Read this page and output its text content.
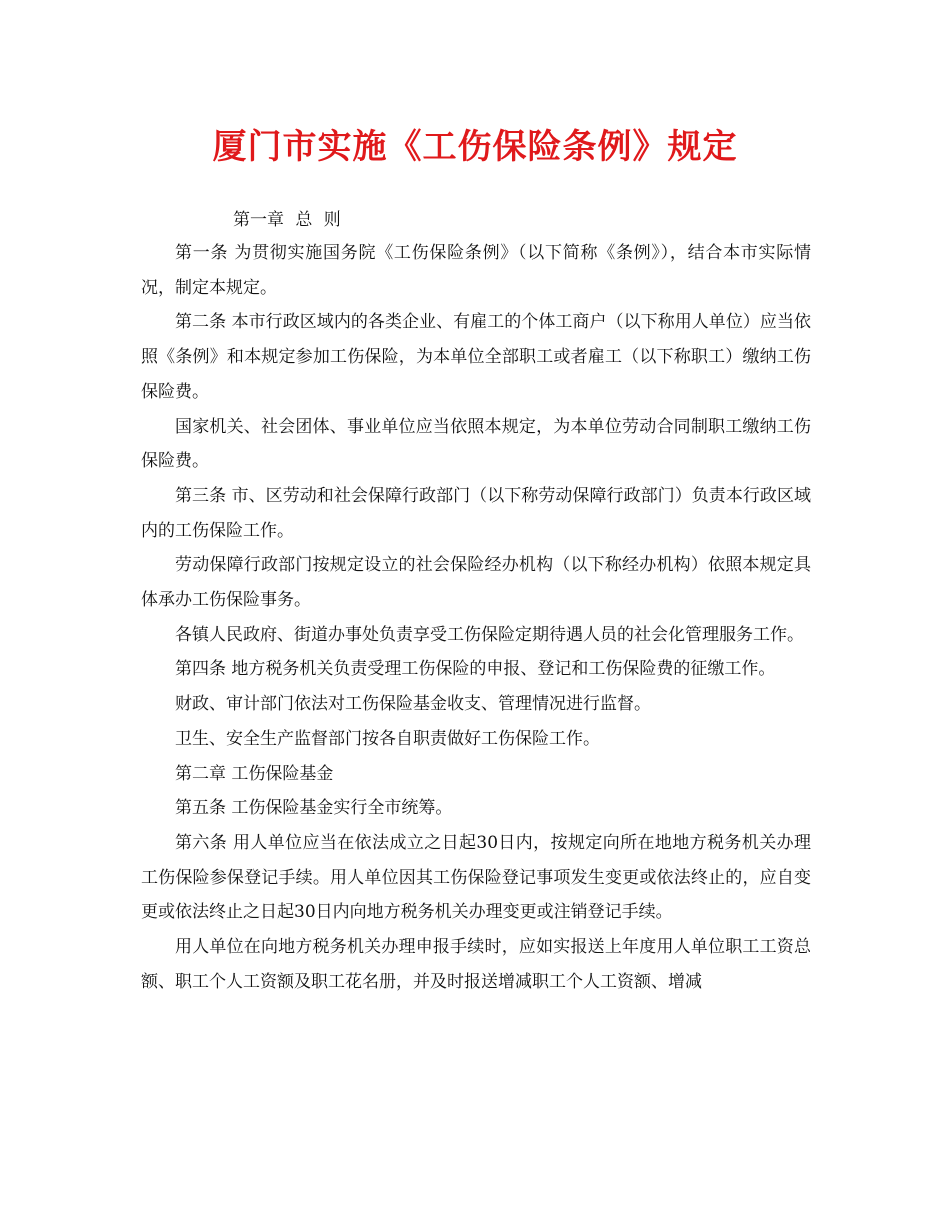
厦门市实施《工伤保险条例》规定
第一章 总 则

第一条 为贯彻实施国务院《工伤保险条例》（以下简称《条例》），结合本市实际情况，制定本规定。

第二条 本市行政区域内的各类企业、有雇工的个体工商户（以下称用人单位）应当依照《条例》和本规定参加工伤保险，为本单位全部职工或者雇工（以下称职工）缴纳工伤保险费。

国家机关、社会团体、事业单位应当依照本规定，为本单位劳动合同制职工缴纳工伤保险费。

第三条 市、区劳动和社会保障行政部门（以下称劳动保障行政部门）负责本行政区域内的工伤保险工作。

劳动保障行政部门按规定设立的社会保险经办机构（以下称经办机构）依照本规定具体承办工伤保险事务。

各镇人民政府、街道办事处负责享受工伤保险定期待遇人员的社会化管理服务工作。

第四条 地方税务机关负责受理工伤保险的申报、登记和工伤保险费的征缴工作。

财政、审计部门依法对工伤保险基金收支、管理情况进行监督。

卫生、安全生产监督部门按各自职责做好工伤保险工作。

第二章 工伤保险基金

第五条 工伤保险基金实行全市统筹。

第六条 用人单位应当在依法成立之日起30日内，按规定向所在地地方税务机关办理工伤保险参保登记手续。用人单位因其工伤保险登记事项发生变更或依法终止的，应自变更或依法终止之日起30日内向地方税务机关办理变更或注销登记手续。

用人单位在向地方税务机关办理申报手续时，应如实报送上年度用人单位职工工资总额、职工个人工资额及职工花名册，并及时报送增减职工个人工资额、增减
